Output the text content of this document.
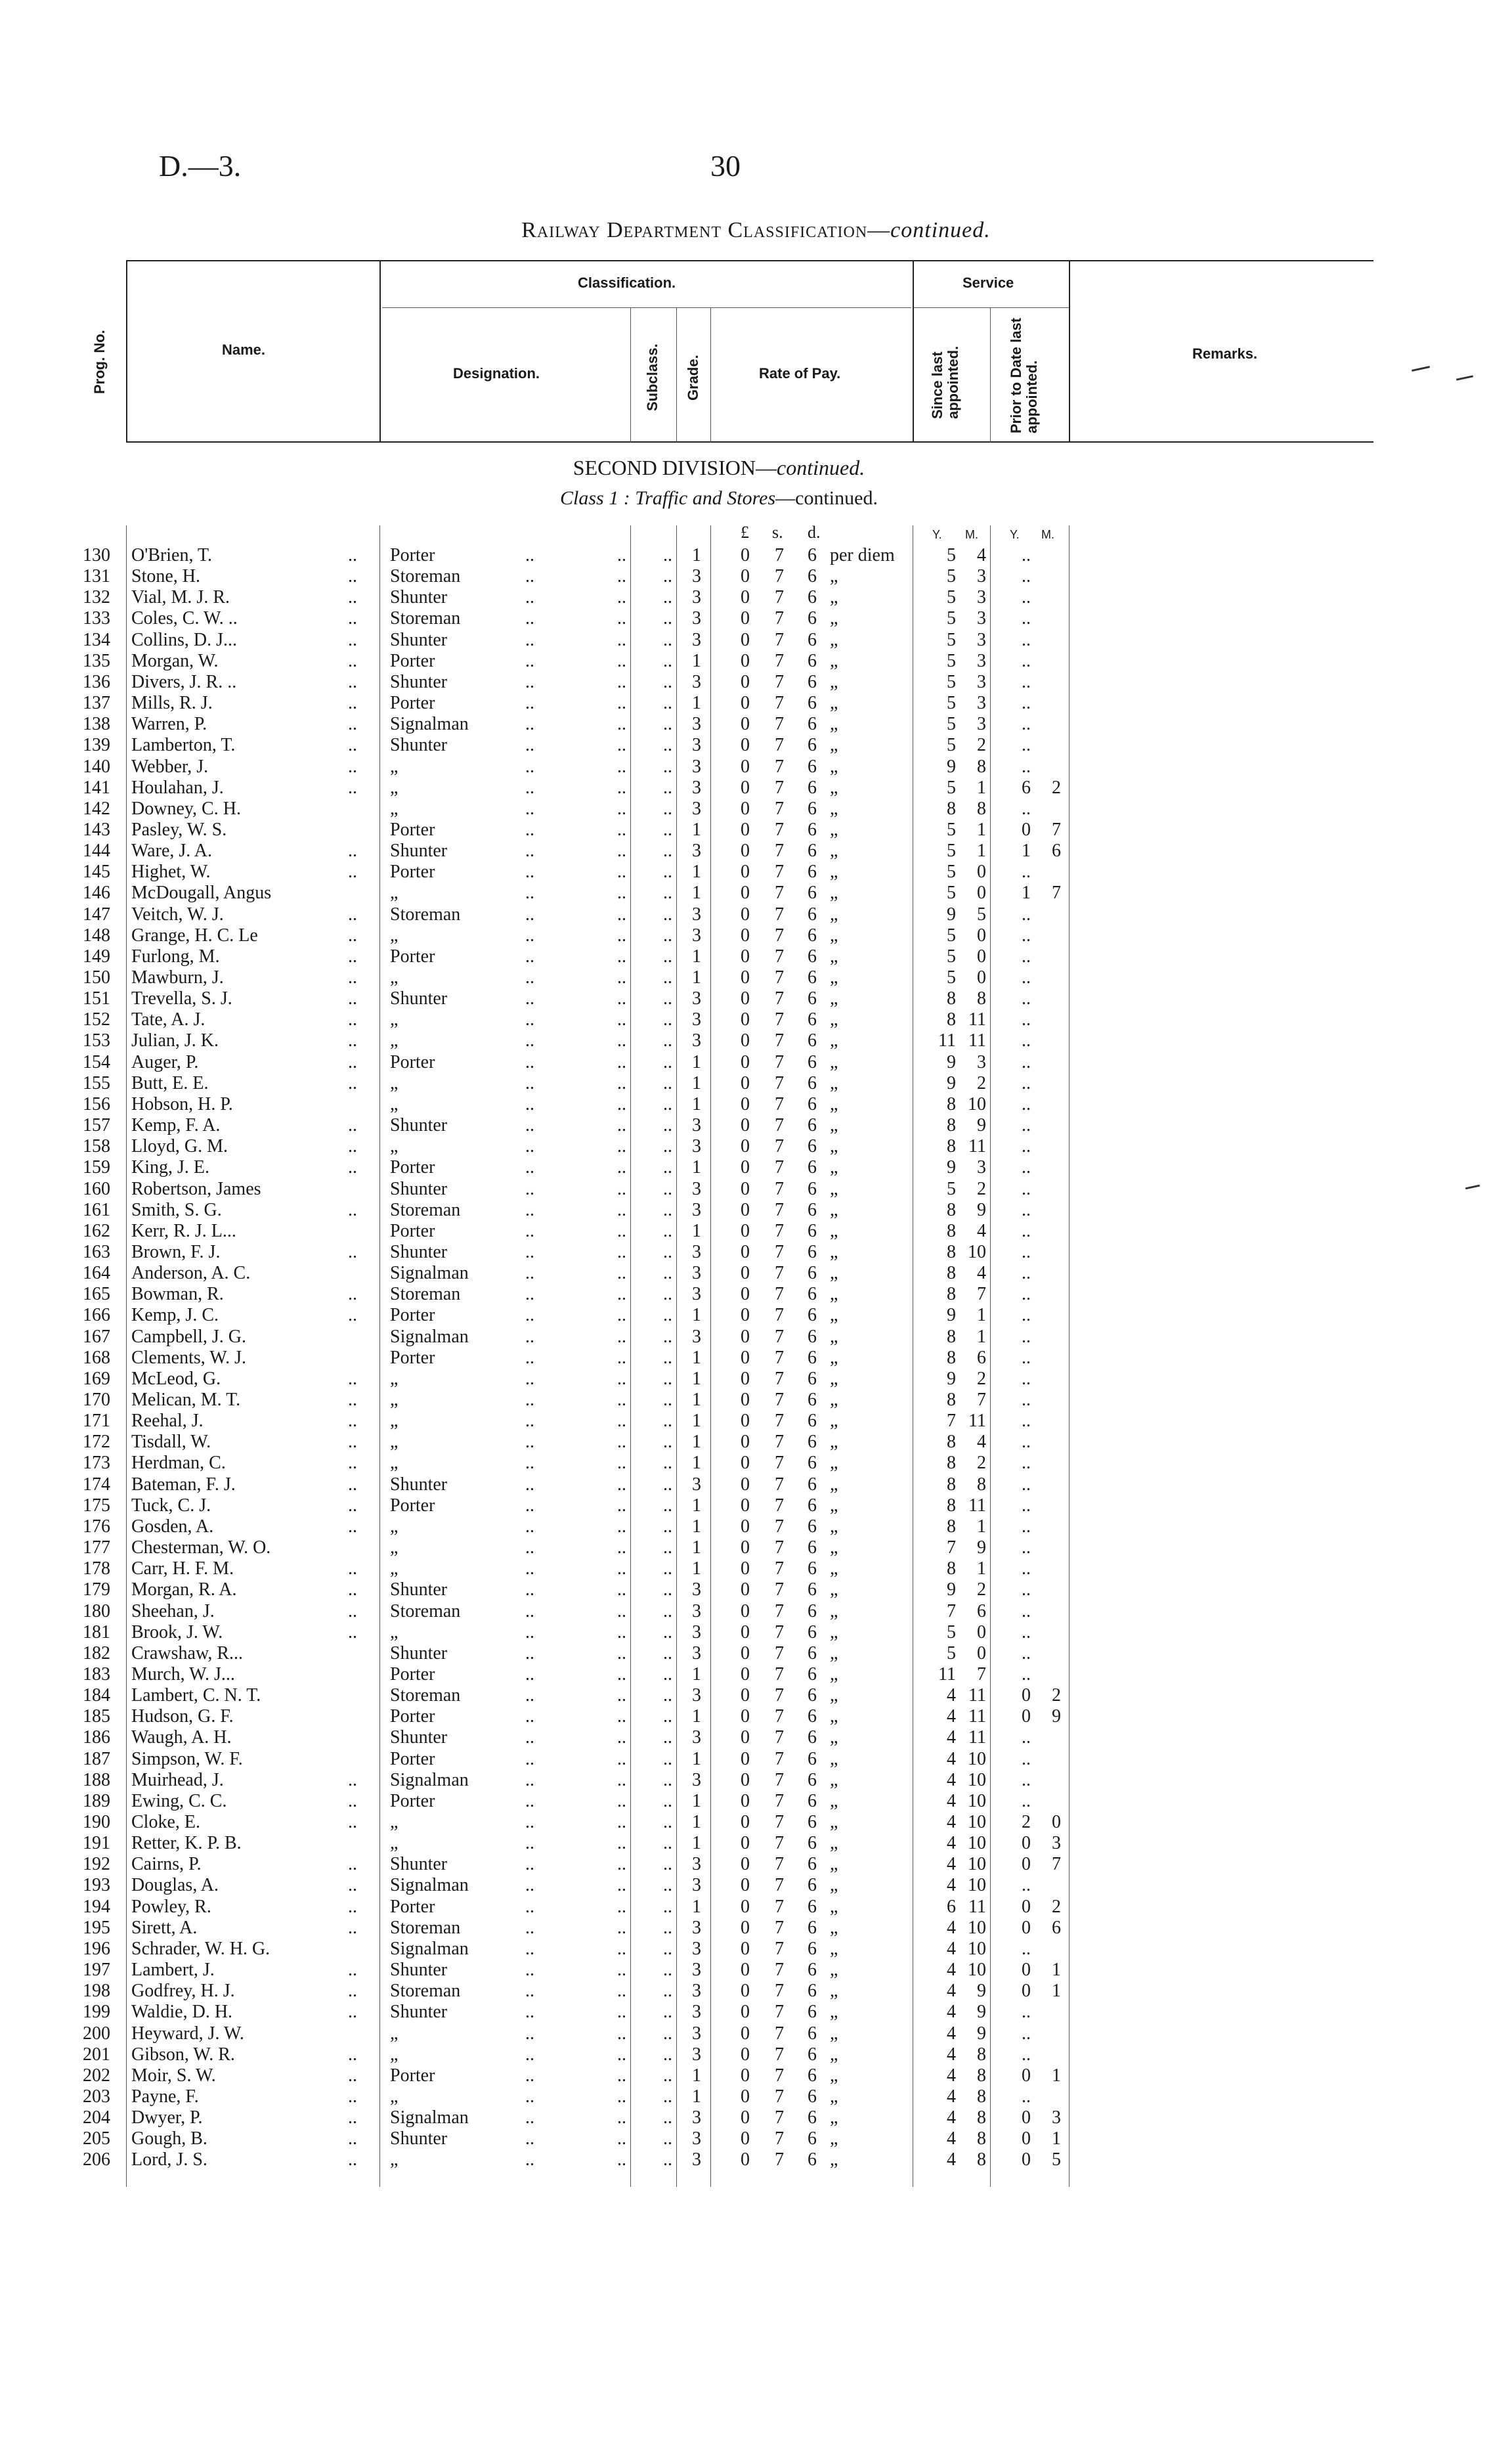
D.—3.	30
Railway Department Classification—continued.
Classification.	Service
Prog. No.	Name.
Designation.	Subclass. Grade.	Rate of Pay.	Since last appointed.	Prior to Date last appointed.
Remarks.
SECOND DIVISION—continued.
Class 1 : Traffic and Stores—continued.
£ s. d.	Y. M.	Y. M.
130 O'Brien, T.	.. Porter	..	.. ..	1	0 7 6 per diem	5	4	..
131 Stone, H.	.. Storeman	..	.. ..	3	0 7 6 „	5	3	..
132 Vial, M. J. R.	.. Shunter	..	.. ..	3	0 7 6 „	5	3	..
133 Coles, C. W. ..	.. Storeman	..	.. ..	3	0 7 6 „	5	3	..
134 Collins, D. J...	.. Shunter	..	.. ..	3	0 7 6 „	5	3	..
135 Morgan, W.	.. Porter	..	.. ..	1	0 7 6 „	5	3	..
136 Divers, J. R. ..	.. Shunter	..	.. ..	3	0 7 6 „	5	3	..
137 Mills, R. J.	.. Porter	..	.. ..	1	0 7 6 „	5	3	..
138 Warren, P.	.. Signalman	..	.. ..	3	0 7 6 „	5	3	..
139 Lamberton, T.	.. Shunter	..	.. ..	3	0 7 6 „	5	2	..
140 Webber, J.	.. „	..	.. ..	3	0 7 6 „	9	8	..
141 Houlahan, J.	.. „	..	.. ..	3	0 7 6 „	5	1	6	2
142 Downey, C. H.	„	..	.. ..	3	0 7 6 „	8	8	..
143 Pasley, W. S.	Porter	..	.. ..	1	0 7 6 „	5	1	0	7
144 Ware, J. A.	.. Shunter	..	.. ..	3	0 7 6 „	5	1	1	6
145 Highet, W.	.. Porter	..	.. ..	1	0 7 6 „	5	0	..
146 McDougall, Angus	„	..	.. ..	1	0 7 6 „	5	0	1	7
147 Veitch, W. J.	.. Storeman	..	.. ..	3	0 7 6 „	9	5	..
148 Grange, H. C. Le	.. „	..	.. ..	3	0 7 6 „	5	0	..
149 Furlong, M.	.. Porter	..	.. ..	1	0 7 6 „	5	0	..
150 Mawburn, J.	.. „	..	.. ..	1	0 7 6 „	5	0	..
151 Trevella, S. J.	.. Shunter	..	.. ..	3	0 7 6 „	8	8	..
152 Tate, A. J.	.. „	..	.. ..	3	0 7 6 „	8 11	..
153 Julian, J. K.	.. „	..	.. ..	3	0 7 6 „	11 11	..
154 Auger, P.	.. Porter	..	.. ..	1	0 7 6 „	9	3	..
155 Butt, E. E.	.. „	..	.. ..	1	0 7 6 „	9	2	..
156 Hobson, H. P.	„	..	.. ..	1	0 7 6 „	8 10	..
157 Kemp, F. A.	.. Shunter	..	.. ..	3	0 7 6 „	8	9	..
158 Lloyd, G. M.	.. „	..	.. ..	3	0 7 6 „	8 11	..
159 King, J. E.	.. Porter	..	.. ..	1	0 7 6 „	9	3	..
160 Robertson, James	Shunter	..	.. ..	3	0 7 6 „	5	2	..
161 Smith, S. G.	.. Storeman	..	.. ..	3	0 7 6 „	8	9	..
162 Kerr, R. J. L...	Porter	..	.. ..	1	0 7 6 „	8	4	..
163 Brown, F. J.	.. Shunter	..	.. ..	3	0 7 6 „	8 10	..
164 Anderson, A. C.	Signalman	..	.. ..	3	0 7 6 „	8	4	..
165 Bowman, R.	.. Storeman	..	.. ..	3	0 7 6 „	8	7	..
166 Kemp, J. C.	.. Porter	..	.. ..	1	0 7 6 „	9	1	..
167 Campbell, J. G.	Signalman	..	.. ..	3	0 7 6 „	8	1	..
168 Clements, W. J.	Porter	..	.. ..	1	0 7 6 „	8	6	..
169 McLeod, G.	.. „	..	.. ..	1	0 7 6 „	9	2	..
170 Melican, M. T.	.. „	..	.. ..	1	0 7 6 „	8	7	..
171 Reehal, J.	.. „	..	.. ..	1	0 7 6 „	7 11	..
172 Tisdall, W.	.. „	..	.. ..	1	0 7 6 „	8	4	..
173 Herdman, C.	.. „	..	.. ..	1	0 7 6 „	8	2	..
174 Bateman, F. J.	.. Shunter	..	.. ..	3	0 7 6 „	8	8	..
175 Tuck, C. J.	.. Porter	..	.. ..	1	0 7 6 „	8 11	..
176 Gosden, A.	.. „	..	.. ..	1	0 7 6 „	8	1	..
177 Chesterman, W. O.	„	..	.. ..	1	0 7 6 „	7	9	..
178 Carr, H. F. M.	.. „	..	.. ..	1	0 7 6 „	8	1	..
179 Morgan, R. A.	.. Shunter	..	.. ..	3	0 7 6 „	9	2	..
180 Sheehan, J.	.. Storeman	..	.. ..	3	0 7 6 „	7	6	..
181 Brook, J. W.	.. „	..	.. ..	3	0 7 6 „	5	0	..
182 Crawshaw, R...	Shunter	..	.. ..	3	0 7 6 „	5	0	..
183 Murch, W. J...	Porter	..	.. ..	1	0 7 6 „	11	7	..
184 Lambert, C. N. T.	Storeman	..	.. ..	3	0 7 6 „	4 11	0	2
185 Hudson, G. F.	Porter	..	.. ..	1	0 7 6 „	4 11	0	9
186 Waugh, A. H.	Shunter	..	.. ..	3	0 7 6 „	4 11	..
187 Simpson, W. F.	Porter	..	.. ..	1	0 7 6 „	4 10	..
188 Muirhead, J.	.. Signalman	..	.. ..	3	0 7 6 „	4 10	..
189 Ewing, C. C.	.. Porter	..	.. ..	1	0 7 6 „	4 10	..
190 Cloke, E.	.. „	..	.. ..	1	0 7 6 „	4 10	2	0
191 Retter, K. P. B.	„	..	.. ..	1	0 7 6 „	4 10	0	3
192 Cairns, P.	.. Shunter	..	.. ..	3	0 7 6 „	4 10	0	7
193 Douglas, A.	.. Signalman	..	.. ..	3	0 7 6 „	4 10	..
194 Powley, R.	.. Porter	..	.. ..	1	0 7 6 „	6 11	0	2
195 Sirett, A.	.. Storeman	..	.. ..	3	0 7 6 „	4 10	0	6
196 Schrader, W. H. G.	Signalman	..	.. ..	3	0 7 6 „	4 10	..
197 Lambert, J.	.. Shunter	..	.. ..	3	0 7 6 „	4 10	0	1
198 Godfrey, H. J.	.. Storeman	..	.. ..	3	0 7 6 „	4	9	0	1
199 Waldie, D. H.	.. Shunter	..	.. ..	3	0 7 6 „	4	9	..
200 Heyward, J. W.	„	..	.. ..	3	0 7 6 „	4	9	..
201 Gibson, W. R.	.. „	..	.. ..	3	0 7 6 „	4	8	..
202 Moir, S. W.	.. Porter	..	.. ..	1	0 7 6 „	4	8	0	1
203 Payne, F.	.. „	..	.. ..	1	0 7 6 „	4	8	..
204 Dwyer, P.	.. Signalman	..	.. ..	3	0 7 6 „	4	8	0	3
205 Gough, B.	.. Shunter	..	.. ..	3	0 7 6 „	4	8	0	1
206 Lord, J. S.	.. „	..	.. ..	3	0 7 6 „	4	8	0	5
